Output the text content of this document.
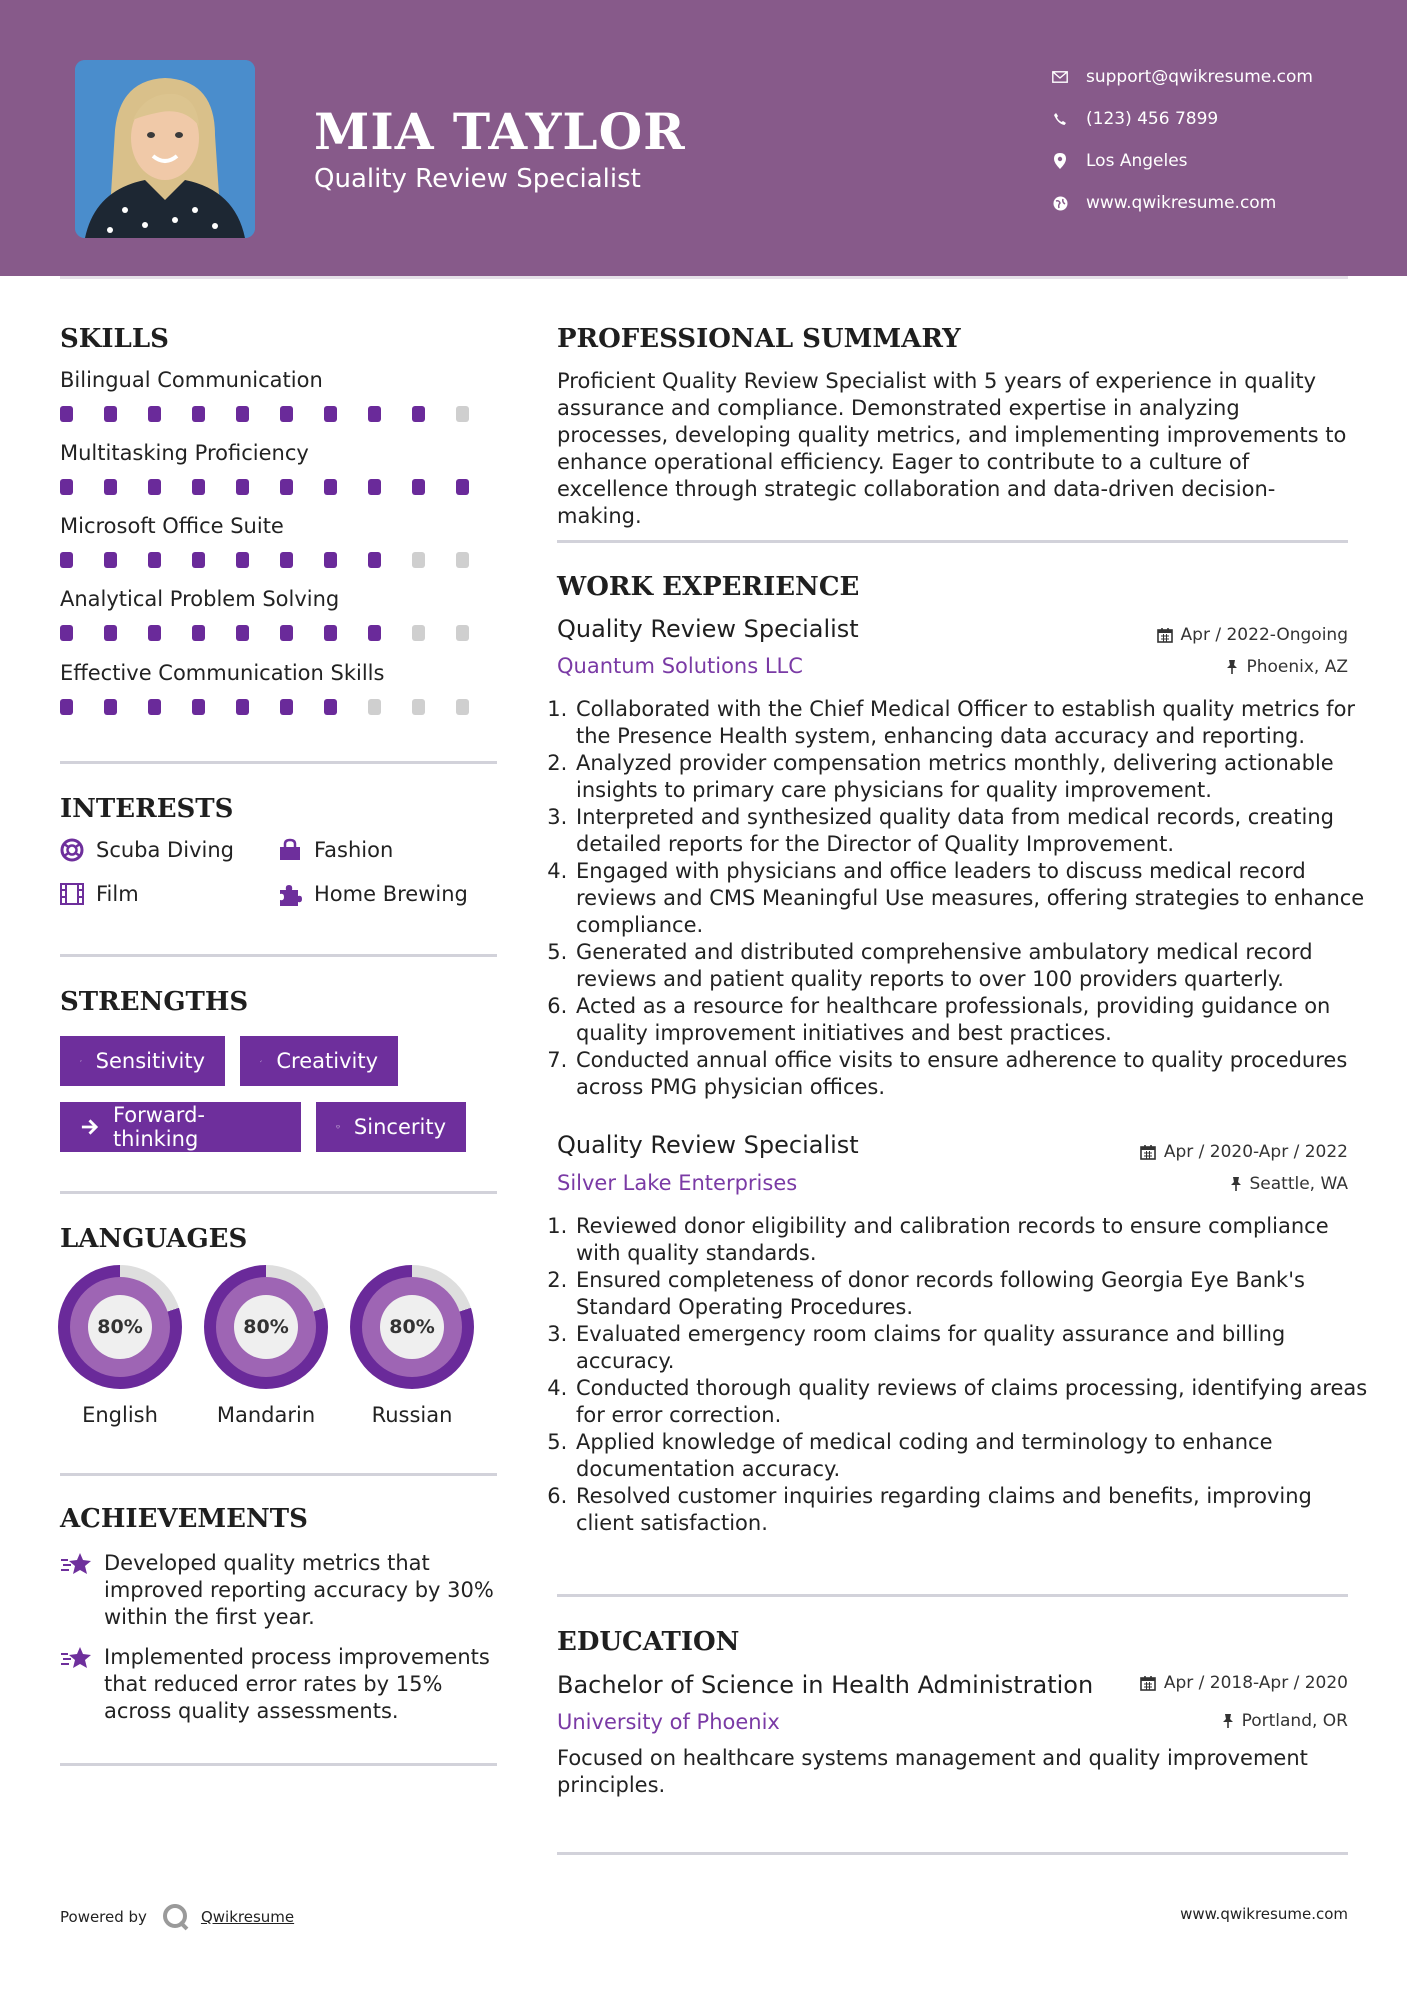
MIA TAYLOR
Quality Review Specialist
support@qwikresume.com
(123) 456 7899
Los Angeles
www.qwikresume.com
SKILLS
Bilingual Communication
Multitasking Proficiency
Microsoft Office Suite
Analytical Problem Solving
Effective Communication Skills
INTERESTS
Scuba Diving	Fashion
Film	Home Brewing
STRENGTHS
Sensitivity	Creativity
Forward-thinking	Sincerity
LANGUAGES
80%
English
80%
Mandarin
80%
Russian
ACHIEVEMENTS
Developed quality metrics that improved reporting accuracy by 30% within the first year.
Implemented process improvements that reduced error rates by 15% across quality assessments.
PROFESSIONAL SUMMARY

Proficient Quality Review Specialist with 5 years of experience in quality assurance and compliance. Demonstrated expertise in analyzing processes, developing quality metrics, and implementing improvements to enhance operational efficiency. Eager to contribute to a culture of excellence through strategic collaboration and data-driven decision-making.

WORK EXPERIENCE
Quality Review Specialist	Apr / 2022-Ongoing
Quantum Solutions LLC	Phoenix, AZ
1. Collaborated with the Chief Medical Officer to establish quality metrics for the Presence Health system, enhancing data accuracy and reporting.
2. Analyzed provider compensation metrics monthly, delivering actionable insights to primary care physicians for quality improvement.
3. Interpreted and synthesized quality data from medical records, creating detailed reports for the Director of Quality Improvement.
4. Engaged with physicians and office leaders to discuss medical record reviews and CMS Meaningful Use measures, offering strategies to enhance compliance.
5. Generated and distributed comprehensive ambulatory medical record reviews and patient quality reports to over 100 providers quarterly.
6. Acted as a resource for healthcare professionals, providing guidance on quality improvement initiatives and best practices.
7. Conducted annual office visits to ensure adherence to quality procedures across PMG physician offices.
Quality Review Specialist	Apr / 2020-Apr / 2022
Silver Lake Enterprises	Seattle, WA
1. Reviewed donor eligibility and calibration records to ensure compliance with quality standards.
2. Ensured completeness of donor records following Georgia Eye Bank's Standard Operating Procedures.
3. Evaluated emergency room claims for quality assurance and billing accuracy.
4. Conducted thorough quality reviews of claims processing, identifying areas for error correction.
5. Applied knowledge of medical coding and terminology to enhance documentation accuracy.
6. Resolved customer inquiries regarding claims and benefits, improving client satisfaction.
EDUCATION
Bachelor of Science in Health Administration	Apr / 2018-Apr / 2020
University of Phoenix	Portland, OR

Focused on healthcare systems management and quality improvement principles.

Powered by	Qwikresume	www.qwikresume.com
